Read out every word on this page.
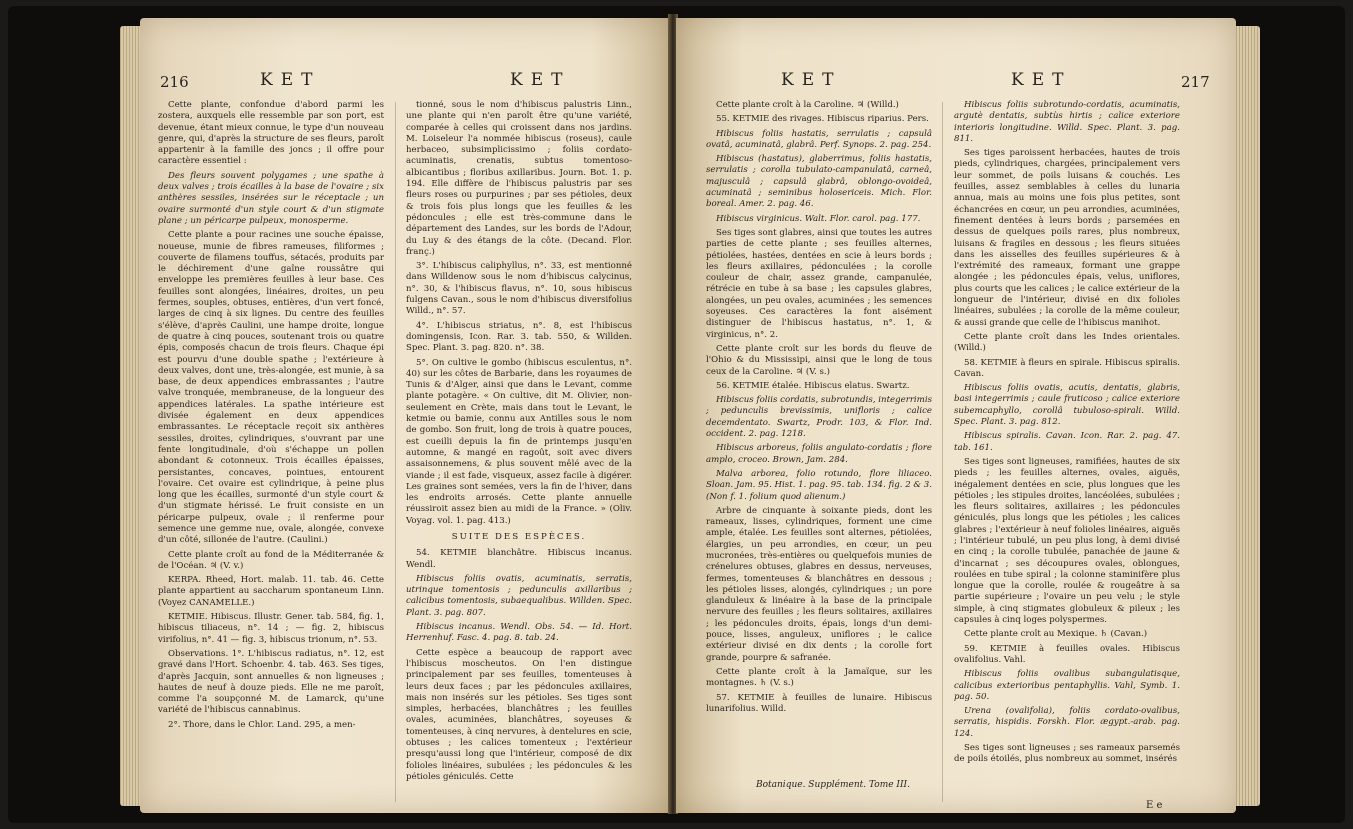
216	KET	KET

Cette plante, confondue d'abord parmi les zostera, auxquels elle ressemble par son port, est devenue, étant mieux connue, le type d'un nouveau genre, qui, d'après la structure de ses fleurs, paroît appartenir à la famille des joncs ; il offre pour caractère essentiel :

Des fleurs souvent polygames ; une spathe à deux valves ; trois écailles à la base de l'ovaire ; six anthères sessiles, insérées sur le réceptacle ; un ovaire surmonté d'un style court & d'un stigmate plane ; un péricarpe pulpeux, monosperme.

Cette plante a pour racines une souche épaisse, noueuse, munie de fibres rameuses, filiformes ; couverte de filamens touffus, sétacés, produits par le déchirement d'une gaîne roussâtre qui enveloppe les premières feuilles à leur base. Ces feuilles sont alongées, linéaires, droites, un peu fermes, souples, obtuses, entières, d'un vert foncé, larges de cinq à six lignes. Du centre des feuilles s'élève, d'après Caulini, une hampe droite, longue de quatre à cinq pouces, soutenant trois ou quatre épis, composés chacun de trois fleurs. Chaque épi est pourvu d'une double spathe ; l'extérieure à deux valves, dont une, très-alongée, est munie, à sa base, de deux appendices embrassantes ; l'autre valve tronquée, membraneuse, de la longueur des appendices latérales. La spathe intérieure est divisée également en deux appendices embrassantes. Le réceptacle reçoit six anthères sessiles, droites, cylindriques, s'ouvrant par une fente longitudinale, d'où s'échappe un pollen abondant & cotonneux. Trois écailles épaisses, persistantes, concaves, pointues, entourent l'ovaire. Cet ovaire est cylindrique, à peine plus long que les écailles, surmonté d'un style court & d'un stigmate hérissé. Le fruit consiste en un péricarpe pulpeux, ovale ; il renferme pour semence une gemme nue, ovale, alongée, convexe d'un côté, sillonée de l'autre. (Caulini.)

Cette plante croît au fond de la Méditerranée & de l'Océan. ♃ (V. v.)

KERPA. Rheed, Hort. malab. 11. tab. 46. Cette plante appartient au saccharum spontaneum Linn. (Voyez CANAMELLE.)

KETMIE. Hibiscus. Illustr. Gener. tab. 584, fig. 1, hibiscus tiliaceus, n°. 14 ; — fig. 2, hibiscus virifolius, n°. 41 — fig. 3, hibiscus trionum, n°. 53.

Observations. 1°. L'hibiscus radiatus, n°. 12, est gravé dans l'Hort. Schoenbr. 4. tab. 463. Ses tiges, d'après Jacquin, sont annuelles & non ligneuses ; hautes de neuf à douze pieds. Elle ne me paroît, comme l'a soupçonné M. de Lamarck, qu'une variété de l'hibiscus cannabinus.

2°. Thore, dans le Chlor. Land. 295, a men-

tionné, sous le nom d'hibiscus palustris Linn., une plante qui n'en paroît être qu'une variété, comparée à celles qui croissent dans nos jardins. M. Loiseleur l'a nommée hibiscus (roseus), caule herbaceo, subsimplicissimo ; foliis cordato-acuminatis, crenatis, subtus tomentoso-albicantibus ; floribus axillaribus. Journ. Bot. 1. p. 194. Elle diffère de l'hibiscus palustris par ses fleurs roses ou purpurines ; par ses pétioles, deux & trois fois plus longs que les feuilles & les pédoncules ; elle est très-commune dans le département des Landes, sur les bords de l'Adour, du Luy & des étangs de la côte. (Decand. Flor. franç.)

3°. L'hibiscus caliphyllus, n°. 33, est mentionné dans Willdenow sous le nom d'hibiscus calycinus, n°. 30, & l'hibiscus flavus, n°. 10, sous hibiscus fulgens Cavan., sous le nom d'hibiscus diversifolius Willd., n°. 57.

4°. L'hibiscus striatus, n°. 8, est l'hibiscus domingensis, Icon. Rar. 3. tab. 550, & Willden. Spec. Plant. 3. pag. 820. n°. 38.

5°. On cultive le gombo (hibiscus esculentus, n°. 40) sur les côtes de Barbarie, dans les royaumes de Tunis & d'Alger, ainsi que dans le Levant, comme plante potagère. « On cultive, dit M. Olivier, non-seulement en Crète, mais dans tout le Levant, le ketmie ou bamie, connu aux Antilles sous le nom de gombo. Son fruit, long de trois à quatre pouces, est cueilli depuis la fin de printemps jusqu'en automne, & mangé en ragoût, soit avec divers assaisonnemens, & plus souvent mêlé avec de la viande ; il est fade, visqueux, assez facile à digérer. Les graines sont semées, vers la fin de l'hiver, dans les endroits arrosés. Cette plante annuelle réussiroit assez bien au midi de la France. » (Oliv. Voyag. vol. 1. pag. 413.)

SUITE DES ESPÈCES.

54. KETMIE blanchâtre. Hibiscus incanus. Wendl.

Hibiscus foliis ovatis, acuminatis, serratis, utrinque tomentosis ; pedunculis axillaribus ; calicibus tomentosis, subaequalibus. Willden. Spec. Plant. 3. pag. 807.

Hibiscus incanus. Wendl. Obs. 54. — Id. Hort. Herrenhuf. Fasc. 4. pag. 8. tab. 24.

Cette espèce a beaucoup de rapport avec l'hibiscus moscheutos. On l'en distingue principalement par ses feuilles, tomenteuses à leurs deux faces ; par les pédoncules axillaires, mais non insérés sur les pétioles. Ses tiges sont simples, herbacées, blanchâtres ; les feuilles ovales, acuminées, blanchâtres, soyeuses & tomenteuses, à cinq nervures, à dentelures en scie, obtuses ; les calices tomenteux ; l'extérieur presqu'aussi long que l'intérieur, composé de dix folioles linéaires, subulées ; les pédoncules & les pétioles géniculés. Cette

KET	KET	217

Cette plante croît à la Caroline. ♃ (Willd.)

55. KETMIE des rivages. Hibiscus riparius. Pers.

Hibiscus foliis hastatis, serrulatis ; capsulâ ovatâ, acuminatâ, glabrâ. Perf. Synops. 2. pag. 254.

Hibiscus (hastatus), glaberrimus, foliis hastatis, serrulatis ; corolla tubulato-campanulatâ, carneâ, majusculâ ; capsulâ glabrâ, oblongo-ovoideâ, acuminatâ ; seminibus holosericeis. Mich. Flor. boreal. Amer. 2. pag. 46.

Hibiscus virginicus. Walt. Flor. carol. pag. 177.

Ses tiges sont glabres, ainsi que toutes les autres parties de cette plante ; ses feuilles alternes, pétiolées, hastées, dentées en scie à leurs bords ; les fleurs axillaires, pédonculées ; la corolle couleur de chair, assez grande, campanulée, rétrécie en tube à sa base ; les capsules glabres, alongées, un peu ovales, acuminées ; les semences soyeuses. Ces caractères la font aisément distinguer de l'hibiscus hastatus, n°. 1, & virginicus, n°. 2.

Cette plante croît sur les bords du fleuve de l'Ohio & du Mississipi, ainsi que le long de tous ceux de la Caroline. ♃ (V. s.)

56. KETMIE étalée. Hibiscus elatus. Swartz.

Hibiscus foliis cordatis, subrotundis, integerrimis ; pedunculis brevissimis, unifloris ; calice decemdentato. Swartz, Prodr. 103, & Flor. Ind. occident. 2. pag. 1218.

Hibiscus arboreus, foliis angulato-cordatis ; flore amplo, croceo. Brown, Jam. 284.

Malva arborea, folio rotundo, flore liliaceo. Sloan. Jam. 95. Hist. 1. pag. 95. tab. 134. fig. 2 & 3. (Non f. 1. folium quod alienum.)

Arbre de cinquante à soixante pieds, dont les rameaux, lisses, cylindriques, forment une cime ample, étalée. Les feuilles sont alternes, pétiolées, élargies, un peu arrondies, en cœur, un peu mucronées, très-entières ou quelquefois munies de crénelures obtuses, glabres en dessus, nerveuses, fermes, tomenteuses & blanchâtres en dessous ; les pétioles lisses, alongés, cylindriques ; un pore glanduleux & linéaire à la base de la principale nervure des feuilles ; les fleurs solitaires, axillaires ; les pédoncules droits, épais, longs d'un demi-pouce, lisses, anguleux, uniflores ; le calice extérieur divisé en dix dents ; la corolle fort grande, pourpre & safranée.

Cette plante croît à la Jamaïque, sur les montagnes. ♄ (V. s.)

57. KETMIE à feuilles de lunaire. Hibiscus lunarifolius. Willd.

Hibiscus foliis subrotundo-cordatis, acuminatis, argutè dentatis, subtùs hirtis ; calice exteriore interioris longitudine. Willd. Spec. Plant. 3. pag. 811.

Ses tiges paroissent herbacées, hautes de trois pieds, cylindriques, chargées, principalement vers leur sommet, de poils luisans & couchés. Les feuilles, assez semblables à celles du lunaria annua, mais au moins une fois plus petites, sont échancrées en cœur, un peu arrondies, acuminées, finement dentées à leurs bords ; parsemées en dessus de quelques poils rares, plus nombreux, luisans & fragiles en dessous ; les fleurs situées dans les aisselles des feuilles supérieures & à l'extrémité des rameaux, formant une grappe alongée ; les pédoncules épais, velus, uniflores, plus courts que les calices ; le calice extérieur de la longueur de l'intérieur, divisé en dix folioles linéaires, subulées ; la corolle de la même couleur, & aussi grande que celle de l'hibiscus manihot.

Cette plante croît dans les Indes orientales. (Willd.)

58. KETMIE à fleurs en spirale. Hibiscus spiralis. Cavan.

Hibiscus foliis ovatis, acutis, dentatis, glabris, basi integerrimis ; caule fruticoso ; calice exteriore subemcaphyllo, corollâ tubuloso-spirali. Willd. Spec. Plant. 3. pag. 812.

Hibiscus spiralis. Cavan. Icon. Rar. 2. pag. 47. tab. 161.

Ses tiges sont ligneuses, ramifiées, hautes de six pieds ; les feuilles alternes, ovales, aiguës, inégalement dentées en scie, plus longues que les pétioles ; les stipules droites, lancéolées, subulées ; les fleurs solitaires, axillaires ; les pédoncules géniculés, plus longs que les pétioles ; les calices glabres ; l'extérieur à neuf folioles linéaires, aiguës ; l'intérieur tubulé, un peu plus long, à demi divisé en cinq ; la corolle tubulée, panachée de jaune & d'incarnat ; ses découpures ovales, oblongues, roulées en tube spiral ; la colonne staminifère plus longue que la corolle, roulée & rougeâtre à sa partie supérieure ; l'ovaire un peu velu ; le style simple, à cinq stigmates globuleux & pileux ; les capsules à cinq loges polyspermes.

Cette plante croît au Mexique. ♄ (Cavan.)

59. KETMIE à feuilles ovales. Hibiscus ovalifolius. Vahl.

Hibiscus foliis ovalibus subangulatisque, calicibus exterioribus pentaphyllis. Vahl, Symb. 1. pag. 50.

Urena (ovalifolia), foliis cordato-ovalibus, serratis, hispidis. Forskh. Flor. ægypt.-arab. pag. 124.

Ses tiges sont ligneuses ; ses rameaux parsemés de poils étoilés, plus nombreux au sommet, insérés

Botanique. Supplément. Tome III.
E e
